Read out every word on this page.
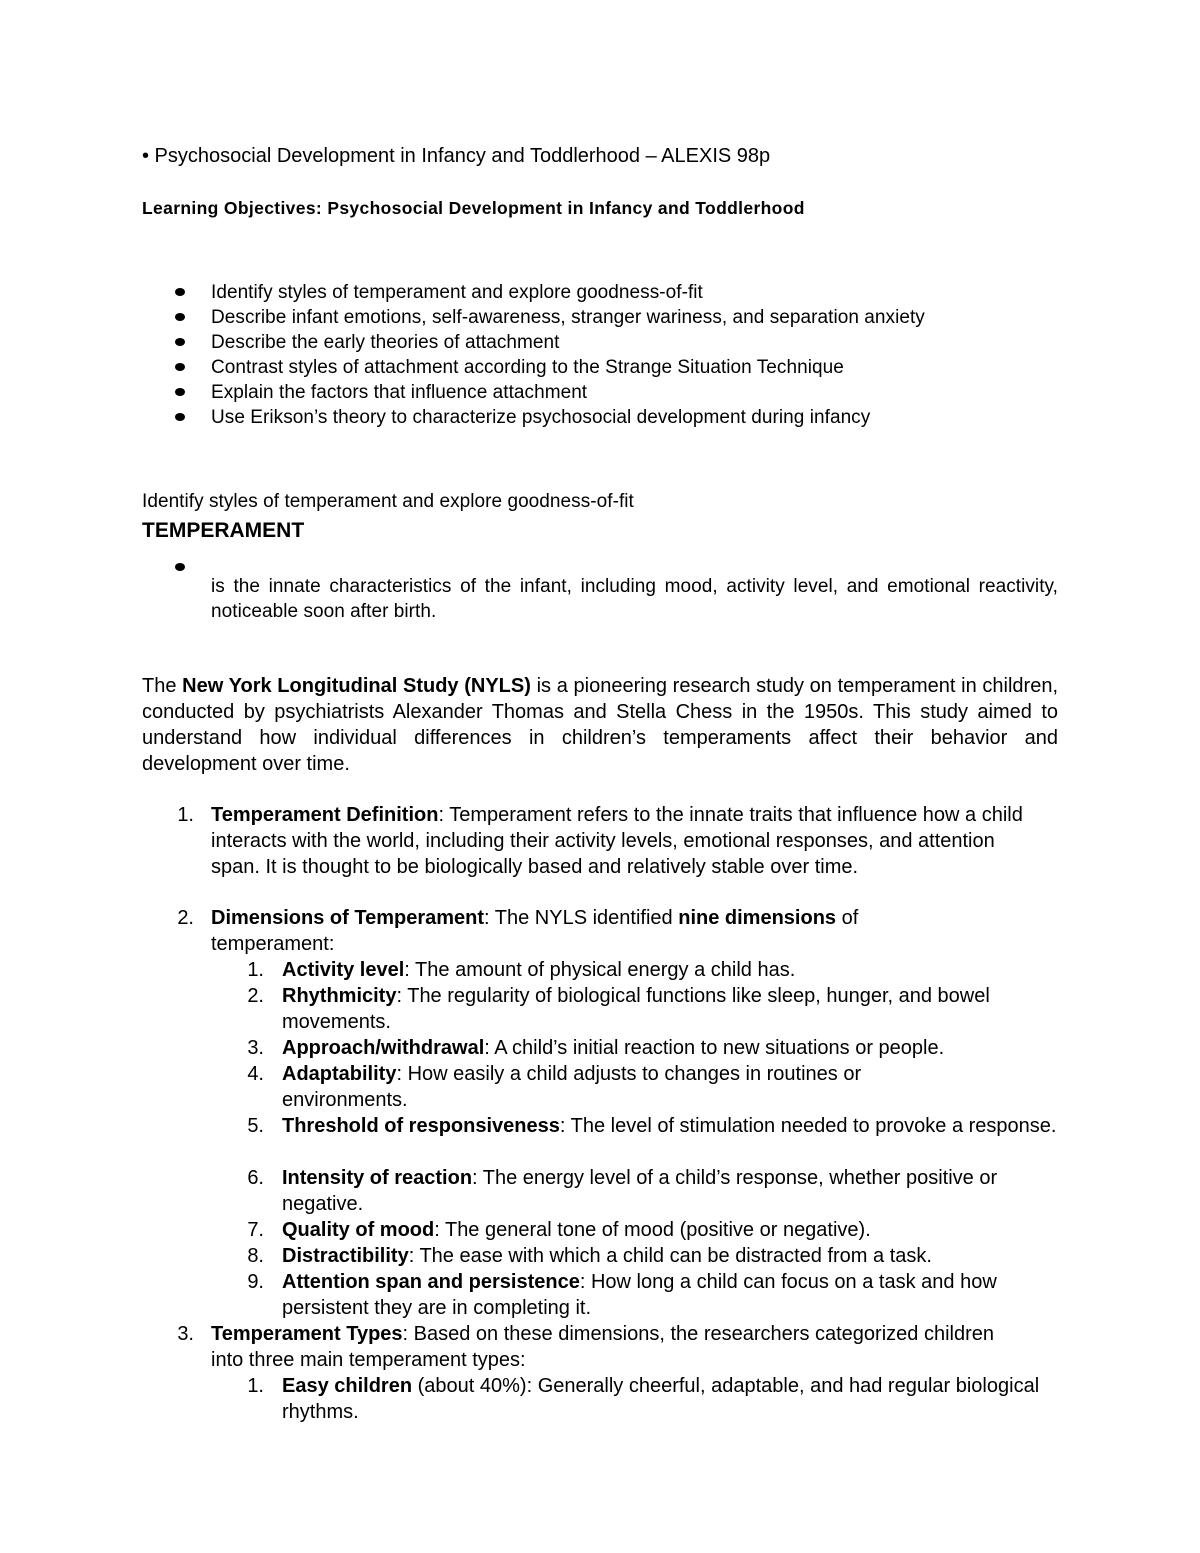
• Psychosocial Development in Infancy and Toddlerhood – ALEXIS 98p

Learning Objectives: Psychosocial Development in Infancy and Toddlerhood

Identify styles of temperament and explore goodness-of-fit

Describe infant emotions, self-awareness, stranger wariness, and separation anxiety

Describe the early theories of attachment

Contrast styles of attachment according to the Strange Situation Technique

Explain the factors that influence attachment

Use Erikson’s theory to characterize psychosocial development during infancy

Identify styles of temperament and explore goodness-of-fit

TEMPERAMENT

is the innate characteristics of the infant, including mood, activity level, and emotional reactivity, noticeable soon after birth.

The New York Longitudinal Study (NYLS) is a pioneering research study on temperament in children, conducted by psychiatrists Alexander Thomas and Stella Chess in the 1950s. This study aimed to understand how individual differences in children’s temperaments affect their behavior and development over time.

1. Temperament Definition: Temperament refers to the innate traits that influence how a child interacts with the world, including their activity levels, emotional responses, and attention span. It is thought to be biologically based and relatively stable over time.

2. Dimensions of Temperament: The NYLS identified nine dimensions of temperament:

1. Activity level: The amount of physical energy a child has.

2. Rhythmicity: The regularity of biological functions like sleep, hunger, and bowel movements.

3. Approach/withdrawal: A child’s initial reaction to new situations or people.

4. Adaptability: How easily a child adjusts to changes in routines or environments.

5. Threshold of responsiveness: The level of stimulation needed to provoke a response.

6. Intensity of reaction: The energy level of a child’s response, whether positive or negative.

7. Quality of mood: The general tone of mood (positive or negative).

8. Distractibility: The ease with which a child can be distracted from a task.

9. Attention span and persistence: How long a child can focus on a task and how persistent they are in completing it.

3. Temperament Types: Based on these dimensions, the researchers categorized children into three main temperament types:

1. Easy children (about 40%): Generally cheerful, adaptable, and had regular biological rhythms.
